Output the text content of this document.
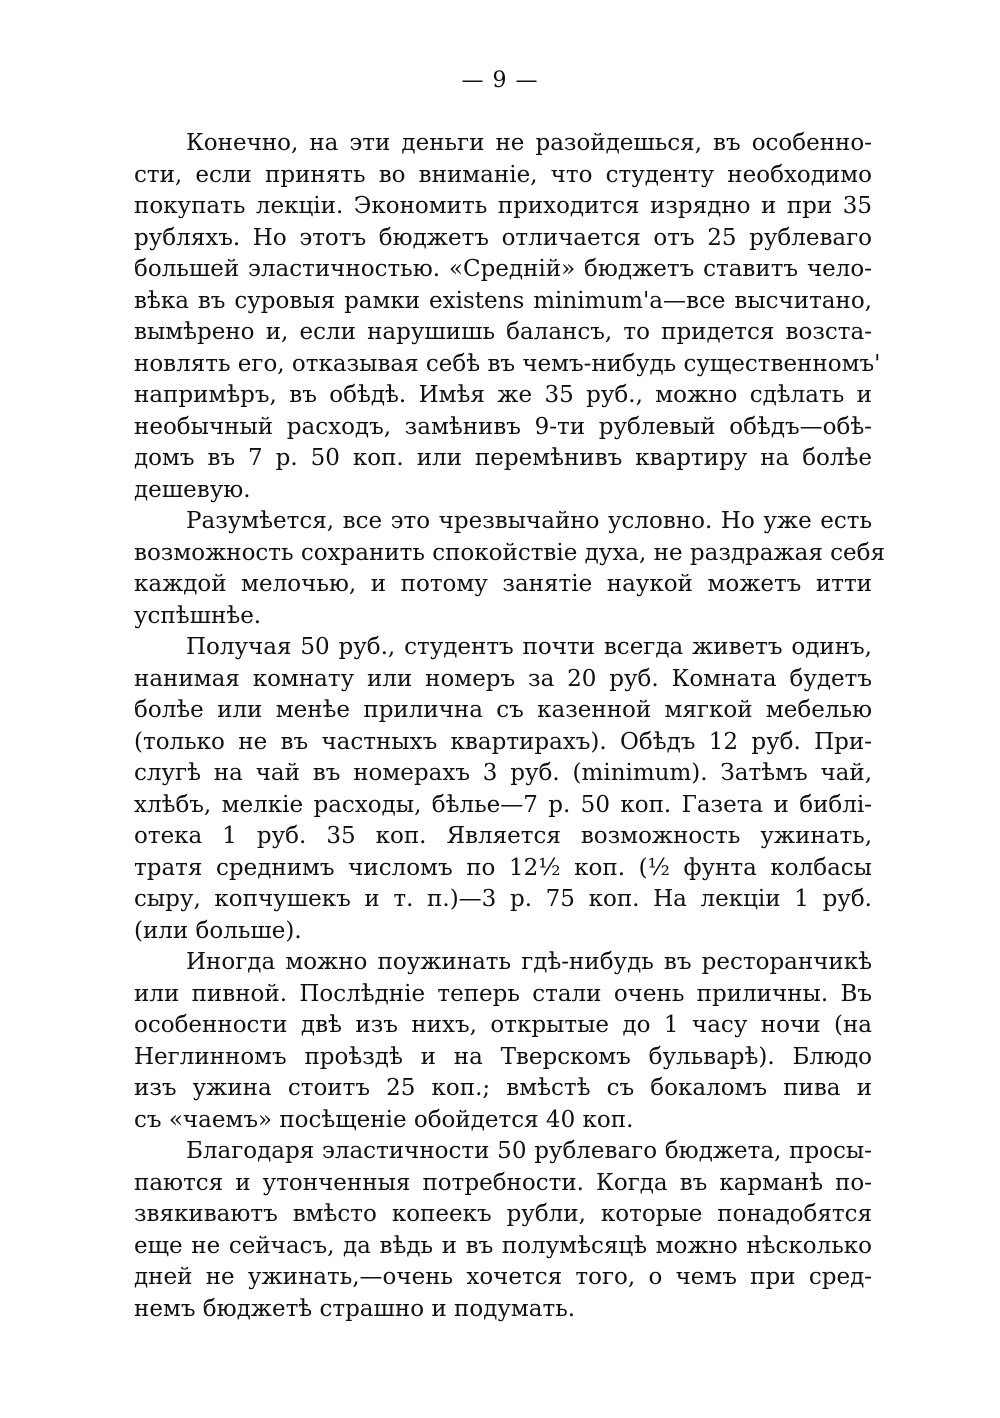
— 9 —
Конечно, на эти деньги не разойдешься, въ особенно-
сти, если принять во вниманіе, что студенту необходимо
покупать лекціи. Экономить приходится изрядно и при 35
рубляхъ. Но этотъ бюджетъ отличается отъ 25 рублеваго
большей эластичностью. «Средній» бюджетъ ставитъ чело-
вѣка въ суровыя рамки existens minimum'а—все высчитано,
вымѣрено и, если нарушишь балансъ, то придется возста-
новлять его, отказывая себѣ въ чемъ-нибудь существенномъ'
напримѣръ, въ обѣдѣ. Имѣя же 35 руб., можно сдѣлать и
необычный расходъ, замѣнивъ 9-ти рублевый обѣдъ—обѣ-
домъ въ 7 р. 50 коп. или перемѣнивъ квартиру на болѣе
дешевую.
Разумѣется, все это чрезвычайно условно. Но уже есть
возможность сохранить спокойствіе духа, не раздражая себя
каждой мелочью, и потому занятіе наукой можетъ итти
успѣшнѣе.
Получая 50 руб., студентъ почти всегда живетъ одинъ,
нанимая комнату или номеръ за 20 руб. Комната будетъ
болѣе или менѣе прилична съ казенной мягкой мебелью
(только не въ частныхъ квартирахъ). Обѣдъ 12 руб. При-
слугѣ на чай въ номерахъ 3 руб. (minimum). Затѣмъ чай,
хлѣбъ, мелкіе расходы, бѣлье—7 р. 50 коп. Газета и библі-
отека 1 руб. 35 коп. Является возможность ужинать,
тратя среднимъ числомъ по 12½ коп. (½ фунта колбасы
сыру, копчушекъ и т. п.)—3 р. 75 коп. На лекціи 1 руб.
(или больше).
Иногда можно поужинать гдѣ-нибудь въ ресторанчикѣ
или пивной. Послѣдніе теперь стали очень приличны. Въ
особенности двѣ изъ нихъ, открытые до 1 часу ночи (на
Неглинномъ проѣздѣ и на Тверскомъ бульварѣ). Блюдо
изъ ужина стоитъ 25 коп.; вмѣстѣ съ бокаломъ пива и
съ «чаемъ» посѣщеніе обойдется 40 коп.
Благодаря эластичности 50 рублеваго бюджета, просы-
паются и утонченныя потребности. Когда въ карманѣ по-
звякиваютъ вмѣсто копеекъ рубли, которые понадобятся
еще не сейчасъ, да вѣдь и въ полумѣсяцѣ можно нѣсколько
дней не ужинать,—очень хочется того, о чемъ при сред-
немъ бюджетѣ страшно и подумать.
